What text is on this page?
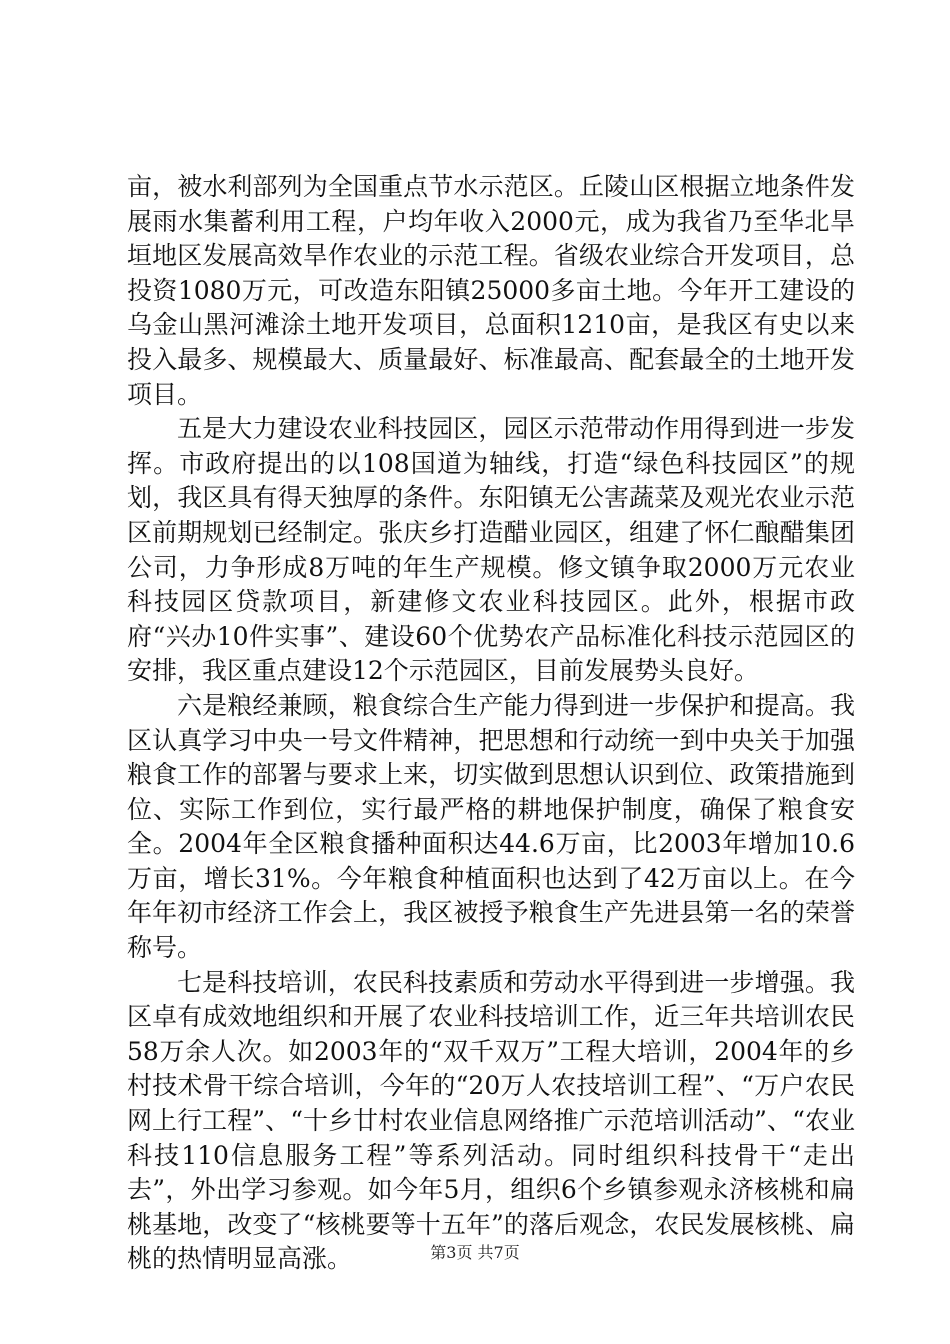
亩，被水利部列为全国重点节水示范区。丘陵山区根据立地条件发展雨水集蓄利用工程，户均年收入2000元，成为我省乃至华北旱垣地区发展高效旱作农业的示范工程。省级农业综合开发项目，总投资1080万元，可改造东阳镇25000多亩土地。今年开工建设的乌金山黑河滩涂土地开发项目，总面积1210亩，是我区有史以来投入最多、规模最大、质量最好、标准最高、配套最全的土地开发项目。

五是大力建设农业科技园区，园区示范带动作用得到进一步发挥。市政府提出的以108国道为轴线，打造“绿色科技园区”的规划，我区具有得天独厚的条件。东阳镇无公害蔬菜及观光农业示范区前期规划已经制定。张庆乡打造醋业园区，组建了怀仁酿醋集团公司，力争形成8万吨的年生产规模。修文镇争取2000万元农业科技园区贷款项目，新建修文农业科技园区。此外，根据市政府“兴办10件实事”、建设60个优势农产品标准化科技示范园区的安排，我区重点建设12个示范园区，目前发展势头良好。

六是粮经兼顾，粮食综合生产能力得到进一步保护和提高。我区认真学习中央一号文件精神，把思想和行动统一到中央关于加强粮食工作的部署与要求上来，切实做到思想认识到位、政策措施到位、实际工作到位，实行最严格的耕地保护制度，确保了粮食安全。2004年全区粮食播种面积达44.6万亩，比2003年增加10.6万亩，增长31%。今年粮食种植面积也达到了42万亩以上。在今年年初市经济工作会上，我区被授予粮食生产先进县第一名的荣誉称号。

七是科技培训，农民科技素质和劳动水平得到进一步增强。我区卓有成效地组织和开展了农业科技培训工作，近三年共培训农民58万余人次。如2003年的“双千双万”工程大培训，2004年的乡村技术骨干综合培训，今年的“20万人农技培训工程”、“万户农民网上行工程”、“十乡廿村农业信息网络推广示范培训活动”、“农业科技110信息服务工程”等系列活动。同时组织科技骨干“走出去”，外出学习参观。如今年5月，组织6个乡镇参观永济核桃和扁桃基地，改变了“核桃要等十五年”的落后观念，农民发展核桃、扁桃的热情明显高涨。	第3页 共7页
